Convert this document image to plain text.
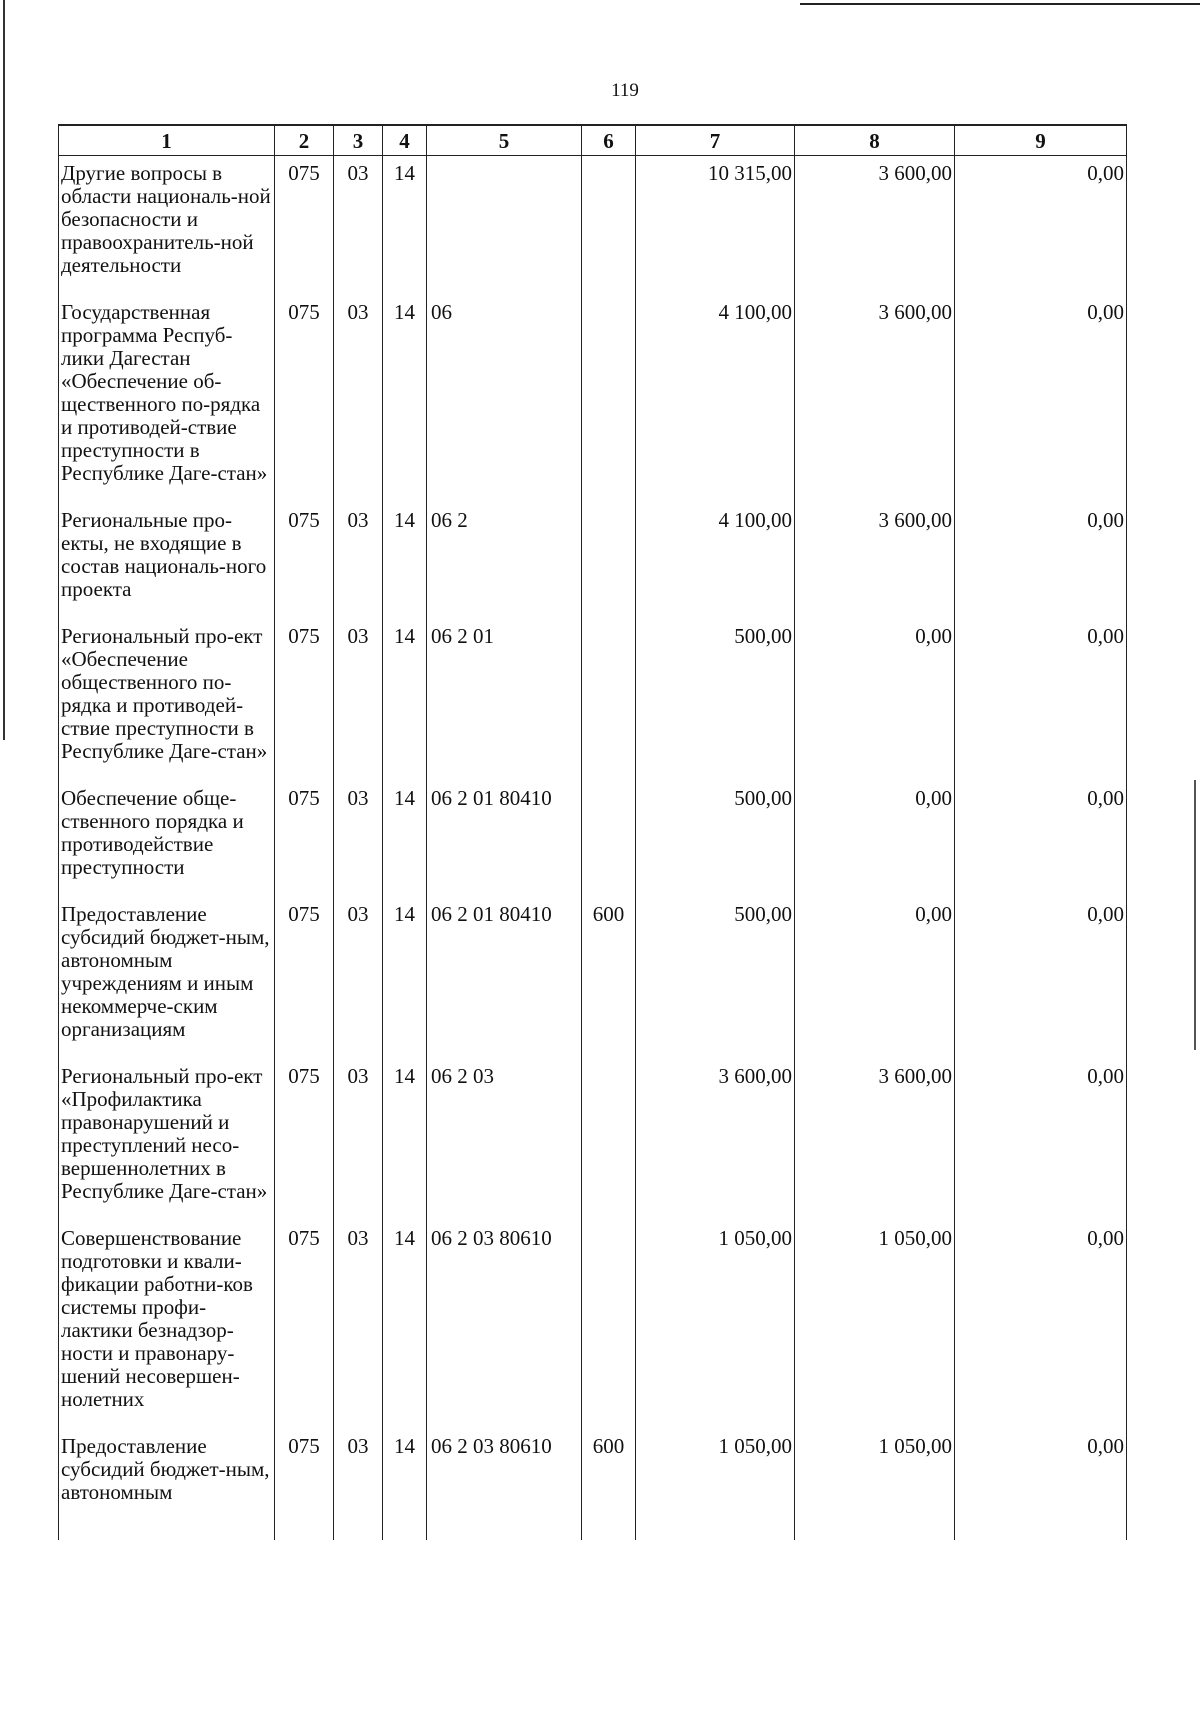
119
1	2	3	4	5	6	7	8	9
Другие вопросы в области националь-ной безопасности и правоохранитель-ной деятельности	075	03	14			10 315,00	3 600,00	0,00
Государственная программа Респуб-лики Дагестан «Обеспечение об-щественного по-рядка и противодей-ствие преступности в Республике Даге-стан»	075	03	14	06		4 100,00	3 600,00	0,00
Региональные про-екты, не входящие в состав националь-ного проекта	075	03	14	06 2		4 100,00	3 600,00	0,00
Региональный про-ект «Обеспечение общественного по-рядка и противодей-ствие преступности в Республике Даге-стан»	075	03	14	06 2 01		500,00	0,00	0,00
Обеспечение обще-ственного порядка и противодействие преступности	075	03	14	06 2 01 80410		500,00	0,00	0,00
Предоставление субсидий бюджет-ным, автономным учреждениям и иным некоммерче-ским организациям	075	03	14	06 2 01 80410	600	500,00	0,00	0,00
Региональный про-ект «Профилактика правонарушений и преступлений несо-вершеннолетних в Республике Даге-стан»	075	03	14	06 2 03		3 600,00	3 600,00	0,00
Совершенствование подготовки и квали-фикации работни-ков системы профи-лактики безнадзор-ности и правонару-шений несовершен-нолетних	075	03	14	06 2 03 80610		1 050,00	1 050,00	0,00
Предоставление субсидий бюджет-ным, автономным	075	03	14	06 2 03 80610	600	1 050,00	1 050,00	0,00
